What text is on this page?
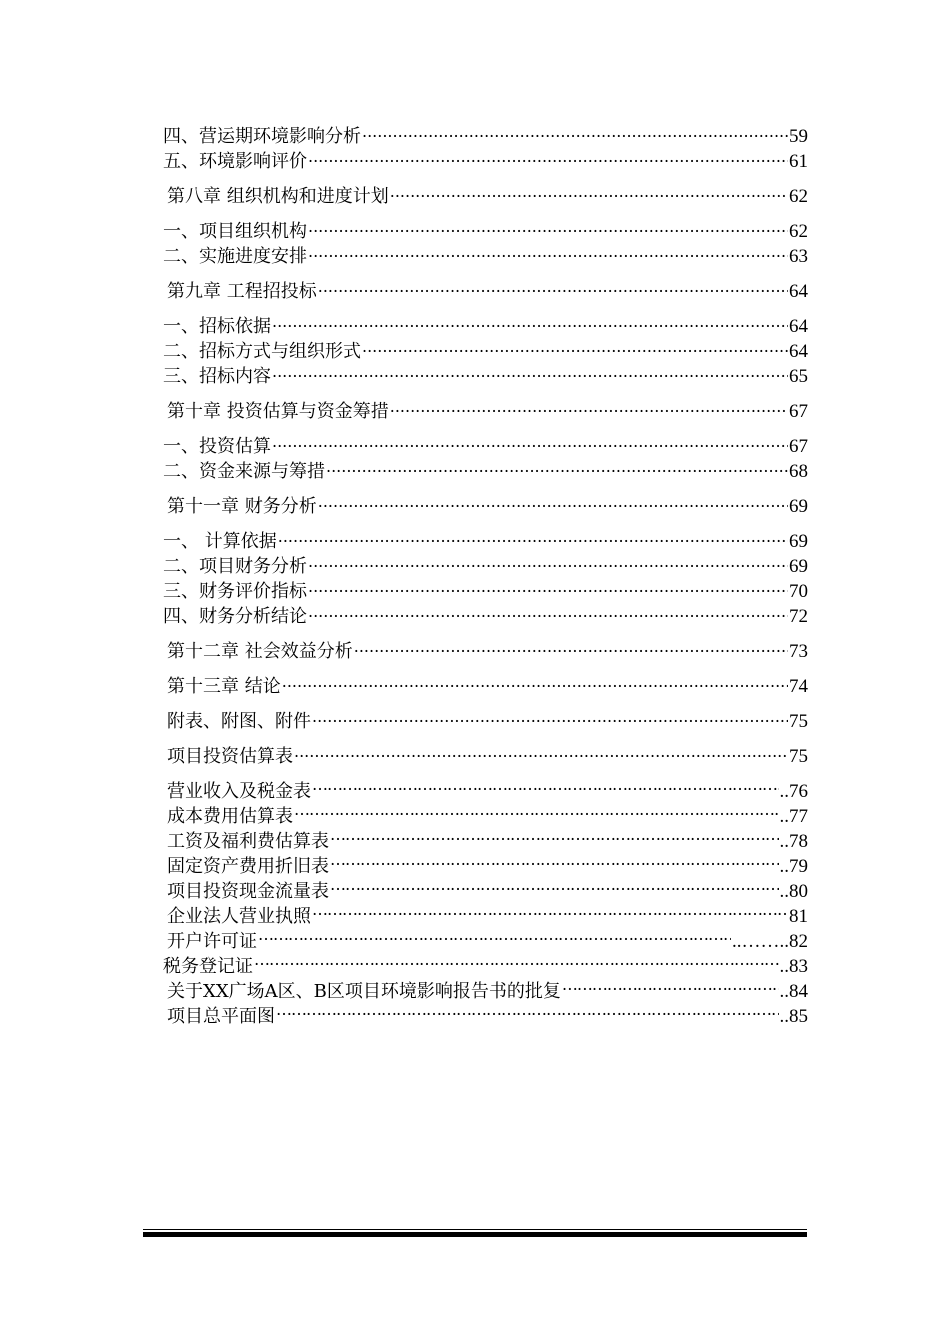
四、营运期环境影响分析 .....	59
五、环境影响评价 .....	61
第八章 组织机构和进度计划 .....	62
一、项目组织机构 .....	62
二、实施进度安排 .....	63
第九章 工程招投标 .....	64
一、招标依据 .....	64
二、招标方式与组织形式 .....	64
三、招标内容 .....	65
第十章 投资估算与资金筹措 .....	67
一、投资估算 .....	67
二、资金来源与筹措 .....	68
第十一章 财务分析 .....	69
一、 计算依据 .....	69
二、项目财务分析 .....	69
三、财务评价指标 .....	70
四、财务分析结论 .....	72
第十二章 社会效益分析 .....	73
第十三章 结论 .....	74
附表、附图、附件 .....	75
项目投资估算表 .....	75
营业收入及税金表 ……………………………………………………………………………………………………………………………………………	..76
成本费用估算表 ……………………………………………………………………………………………………………………………………………	..77
工资及福利费估算表 ……………………………………………………………………………………………………………………………………………	..78
固定资产费用折旧表 ……………………………………………………………………………………………………………………………………………	..79
项目投资现金流量表 ……………………………………………………………………………………………………………………………………………	..80
企业法人营业执照 ……………………………………………………………………………………………………………………………………………	81
开户许可证 ……………………………………………………………………………………………………………………………………………	..……..82
税务登记证 ……………………………………………………………………………………………………………………………………………	..83
关于XX广场A区、B区项目环境影响报告书的批复 ……………………………………………………………………………………………………………………………………………	..84
项目总平面图 ……………………………………………………………………………………………………………………………………………	..85
